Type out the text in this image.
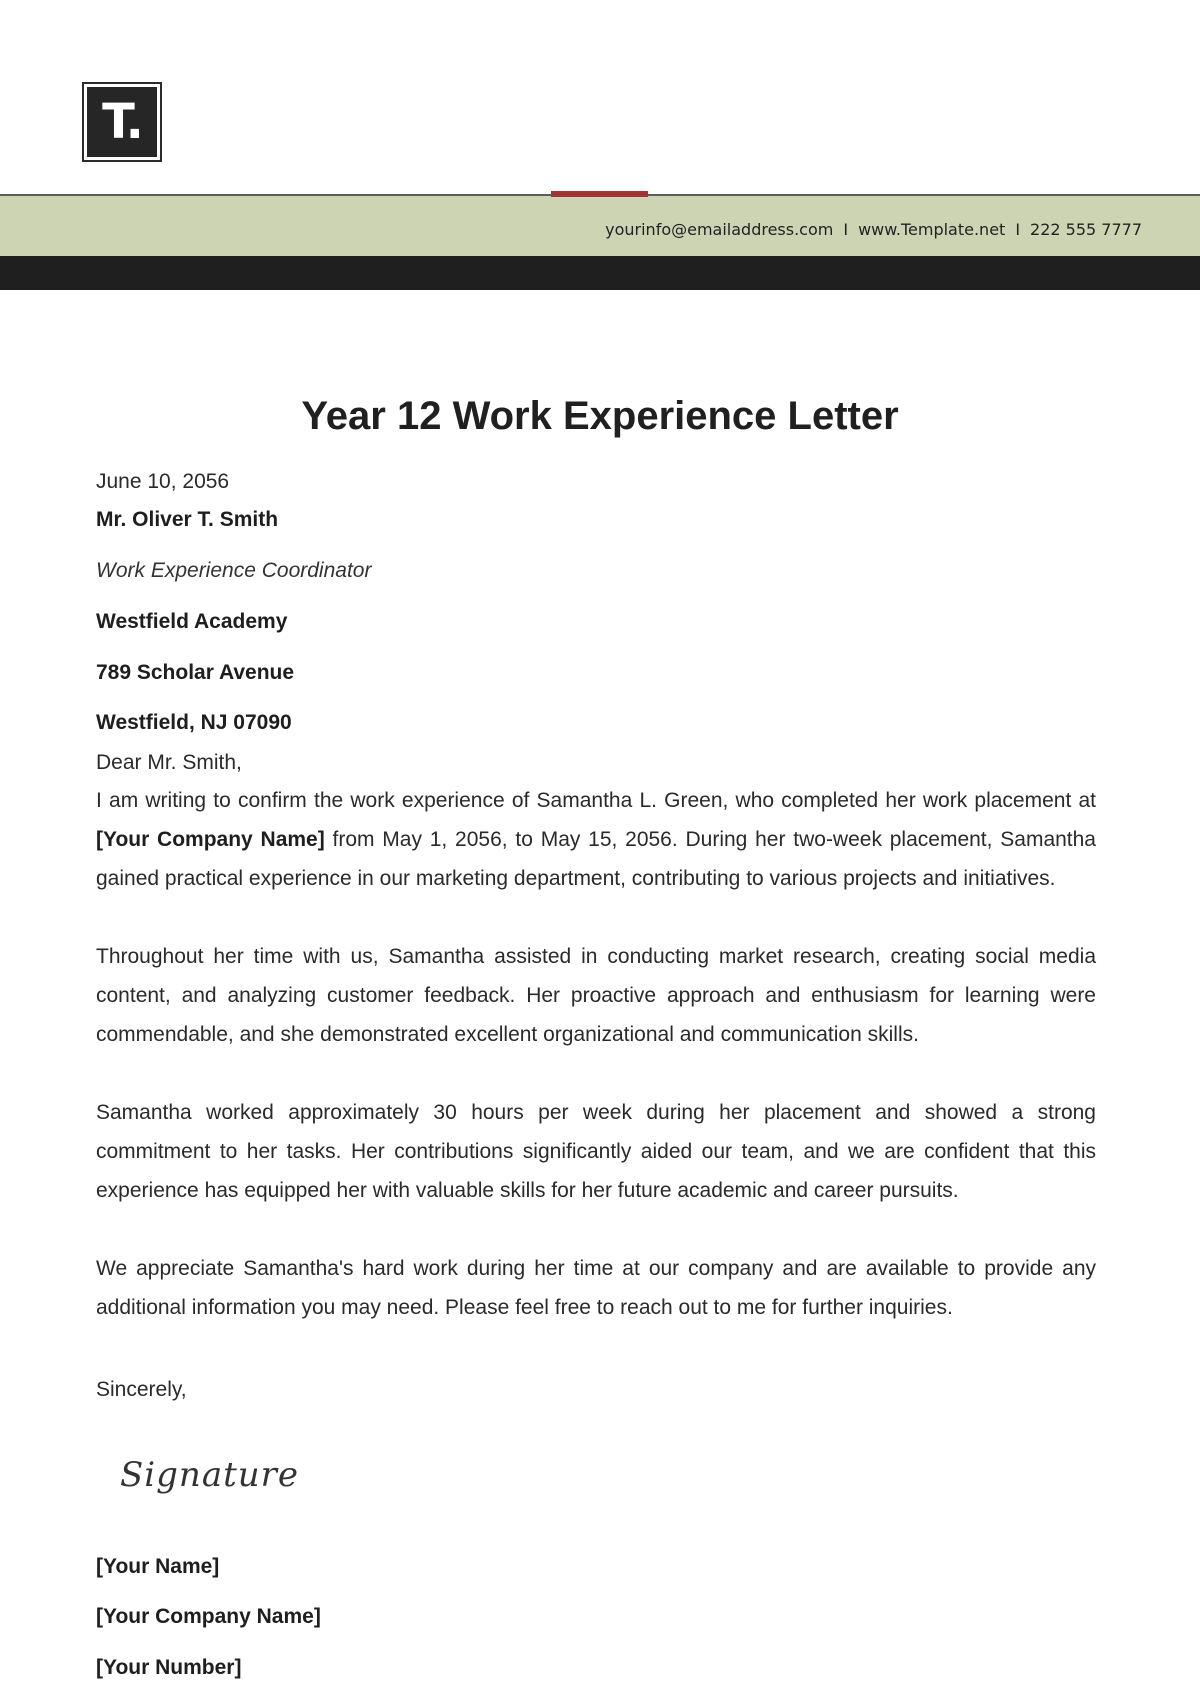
T.
yourinfo@emailaddress.com I www.Template.net I 222 555 7777
Year 12 Work Experience Letter
June 10, 2056
Mr. Oliver T. Smith
Work Experience Coordinator
Westfield Academy
789 Scholar Avenue
Westfield, NJ 07090
Dear Mr. Smith,

I am writing to confirm the work experience of Samantha L. Green, who completed her work placement at [Your Company Name] from May 1, 2056, to May 15, 2056. During her two-week placement, Samantha gained practical experience in our marketing department, contributing to various projects and initiatives.

Throughout her time with us, Samantha assisted in conducting market research, creating social media content, and analyzing customer feedback. Her proactive approach and enthusiasm for learning were commendable, and she demonstrated excellent organizational and communication skills.

Samantha worked approximately 30 hours per week during her placement and showed a strong commitment to her tasks. Her contributions significantly aided our team, and we are confident that this experience has equipped her with valuable skills for her future academic and career pursuits.

We appreciate Samantha's hard work during her time at our company and are available to provide any additional information you may need. Please feel free to reach out to me for further inquiries.

Sincerely,
Signature
[Your Name]
[Your Company Name]
[Your Number]
